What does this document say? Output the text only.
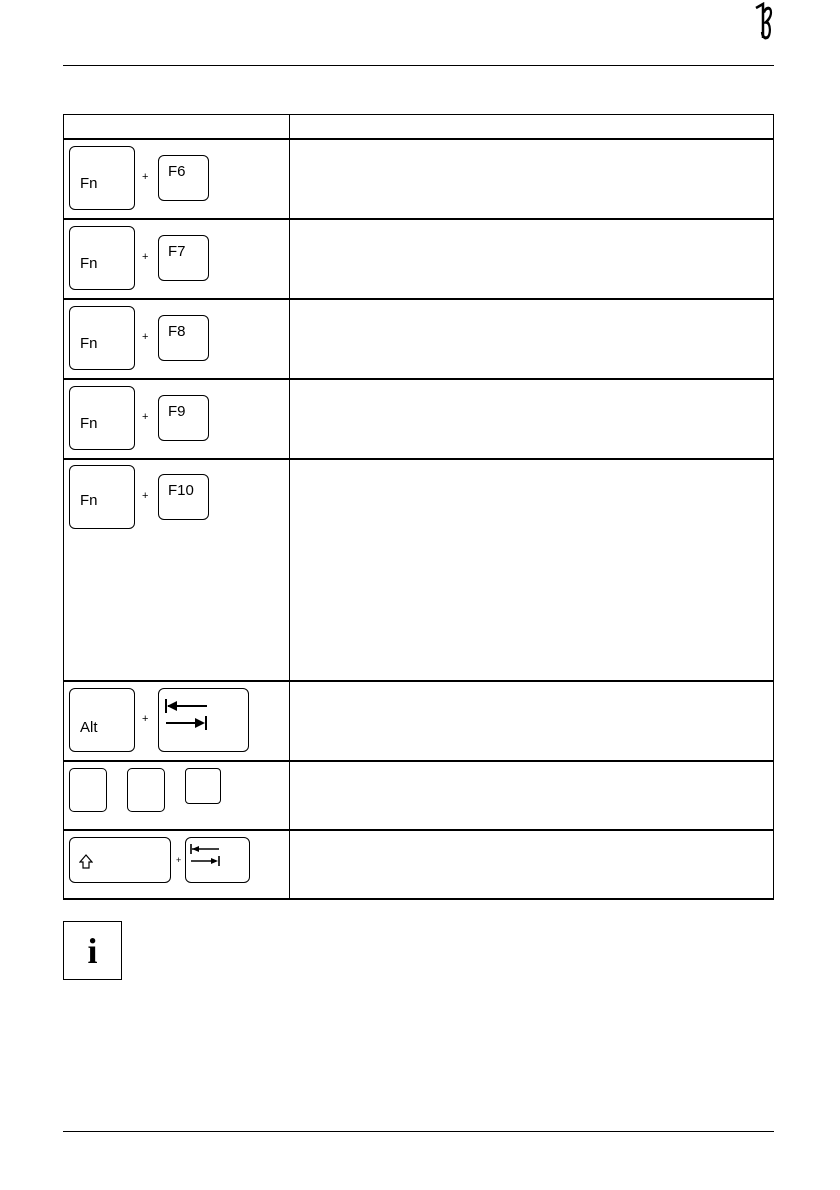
Fn + F6	

Fn + F7	

Fn + F8	

Fn + F9	

Fn + F10	

Alt +	

+	

i
